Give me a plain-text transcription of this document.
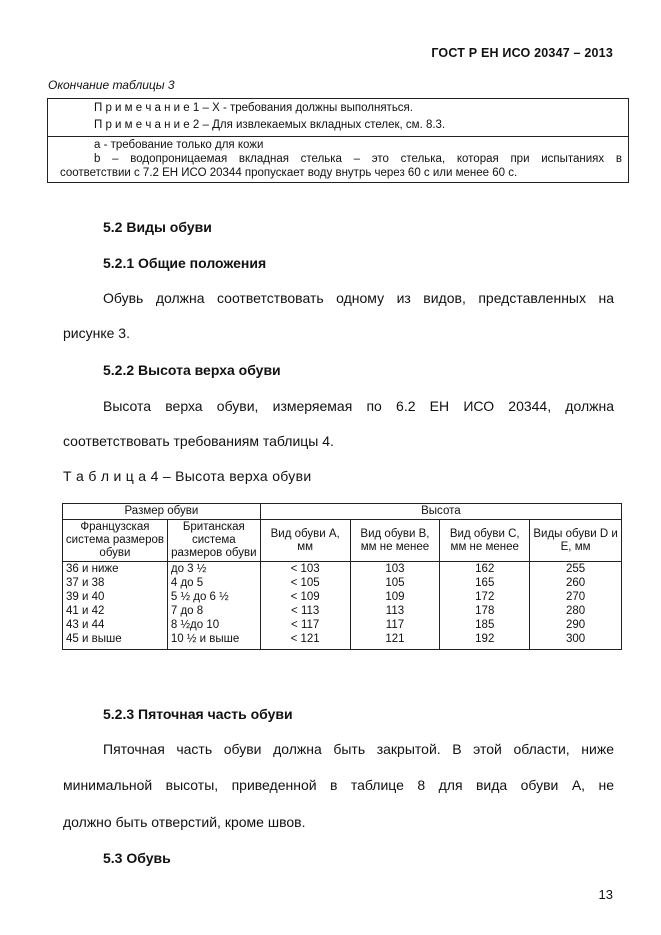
ГОСТ Р ЕН ИСО 20347 – 2013
Окончание таблицы 3
П р и м е ч а н и е 1 – Х - требования должны выполняться.
П р и м е ч а н и е 2 – Для извлекаемых вкладных стелек, см. 8.3.
а - требование только для кожи
b – водопроницаемая вкладная стелька – это стелька, которая при испытаниях в
соответствии с 7.2 ЕН ИСО 20344 пропускает воду внутрь через 60 с или менее 60 с.
5.2 Виды обуви
5.2.1 Общие положения
Обувь должна соответствовать одному из видов, представленных на
рисунке 3.
5.2.2 Высота верха обуви
Высота верха обуви, измеряемая по 6.2 ЕН ИСО 20344, должна
соответствовать требованиям таблицы 4.
Т а б л и ц а 4 – Высота верха обуви
Размер обуви		Высота			
Французская система размеров обуви	Британская система размеров обуви	Вид обуви А, мм	Вид обуви В, мм не менее	Вид обуви С, мм не менее	Виды обуви D и E, мм
36 и ниже	до 3 ½	< 103	103	162	255
37 и 38	4 до 5	< 105	105	165	260
39 и 40	5 ½ до 6 ½	< 109	109	172	270
41 и 42	7 до 8	< 113	113	178	280
43 и 44	8 ½до 10	< 117	117	185	290
45 и выше	10 ½ и выше	< 121	121	192	300
5.2.3 Пяточная часть обуви
Пяточная часть обуви должна быть закрытой. В этой области, ниже
минимальной высоты, приведенной в таблице 8 для вида обуви А, не
должно быть отверстий, кроме швов.
5.3 Обувь
13
